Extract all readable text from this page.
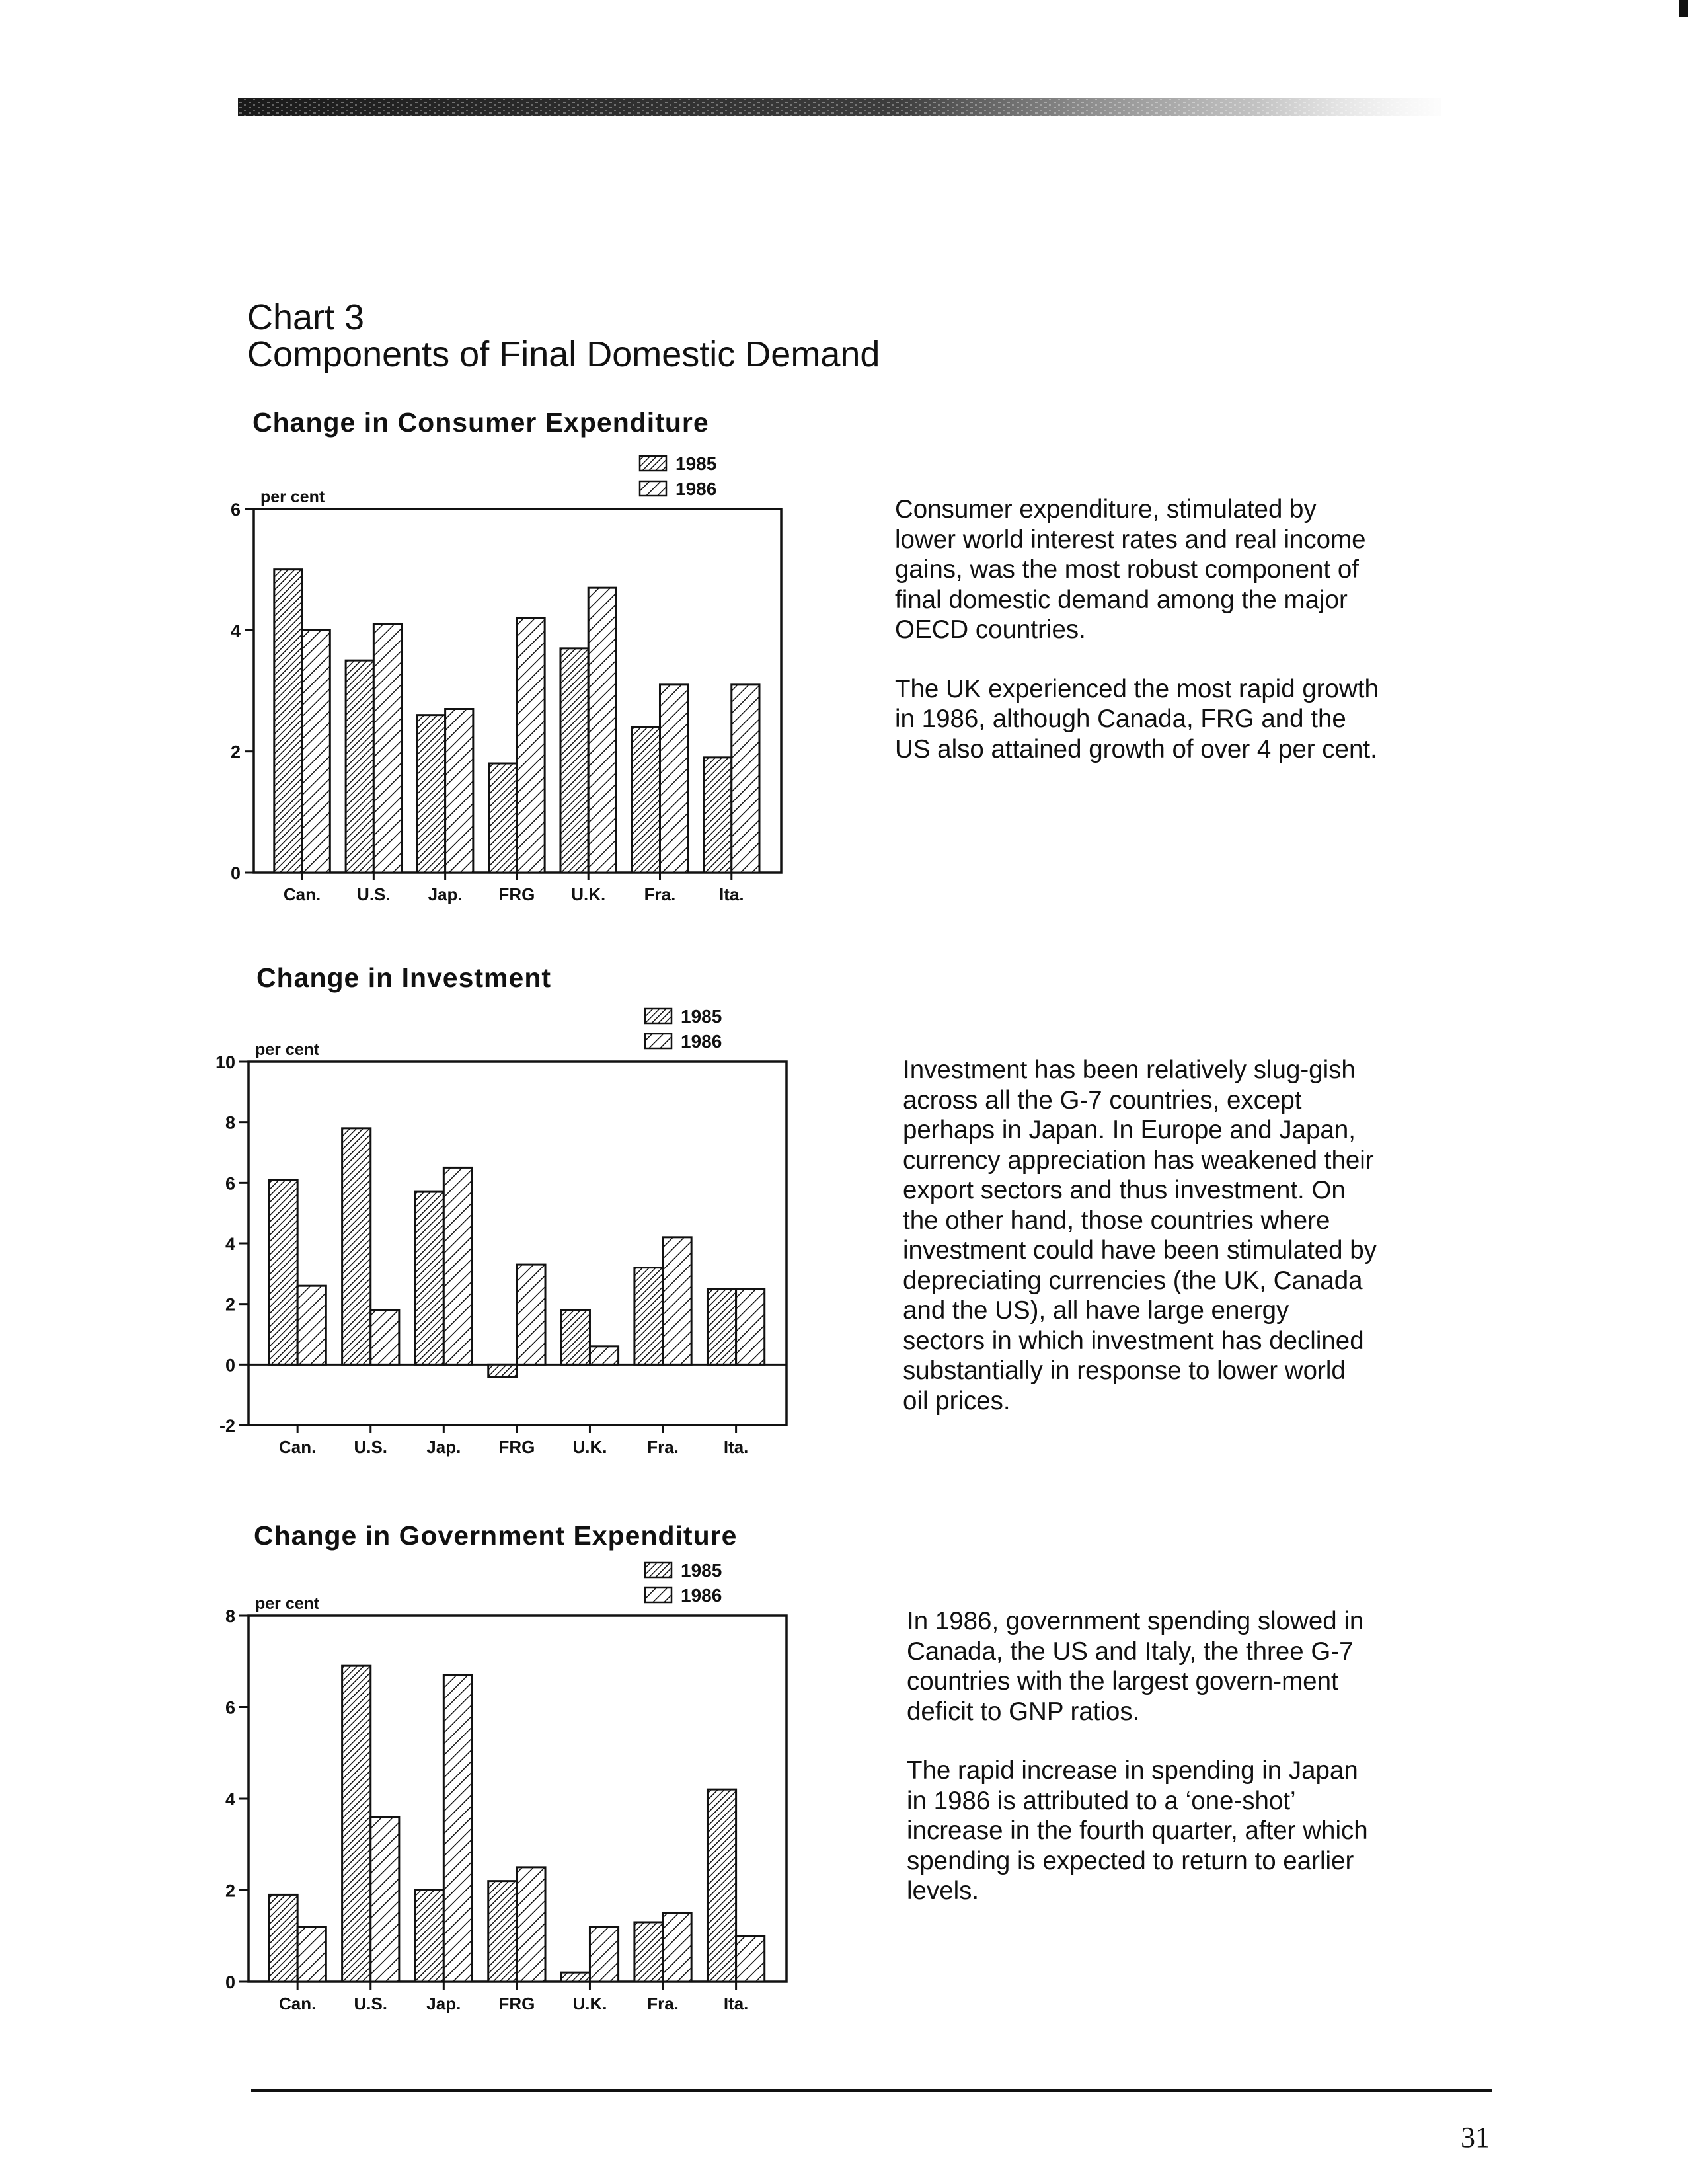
Chart 3
Components of Final Domestic Demand
Change in Consumer Expenditure
0
2
4
6
per cent
1985
1986
Can. U.S. Jap. FRG U.K. Fra.	Ita.
Change in Investment
-2
0
2
4
6
8
10
per cent
1985
1986
Can. U.S. Jap. FRG U.K. Fra.	Ita.
Change in Government Expenditure
0
2
4
6
8
per cent
1985
1986
Can. U.S. Jap. FRG U.K. Fra.	Ita.

Consumer expenditure, stimulated by lower world interest rates and real income gains, was the most robust component of final domestic demand among the major OECD countries.

The UK experienced the most rapid growth in 1986, although Canada, FRG and the US also attained growth of over 4 per cent.

Investment has been relatively slug-gish across all the G-7 countries, except perhaps in Japan. In Europe and Japan, currency appreciation has weakened their export sectors and thus investment. On the other hand, those countries where investment could have been stimulated by depreciating currencies (the UK, Canada and the US), all have large energy sectors in which investment has declined substantially in response to lower world oil prices.

In 1986, government spending slowed in Canada, the US and Italy, the three G-7 countries with the largest govern-ment deficit to GNP ratios.

The rapid increase in spending in Japan in 1986 is attributed to a ‘one-shot’ increase in the fourth quarter, after which spending is expected to return to earlier levels.

31
